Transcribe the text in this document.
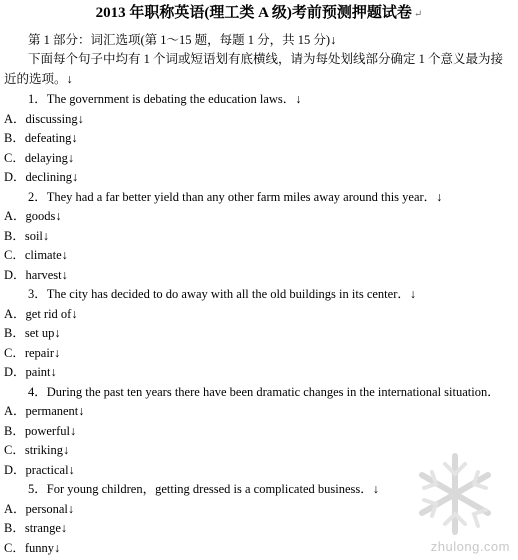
2013 年职称英语(理工类 A 级)考前预测押题试卷 ↵
第 1 部分：词汇选项(第 1～15 题，每题 1 分，共 15 分)↓
下面每个句子中均有 1 个词或短语划有底横线，请为每处划线部分确定 1 个意义最为接近的选项。↓
1．The government is debating the education laws．↓
A．discussing↓
B．defeating↓
C．delaying↓
D．declining↓
2．They had a far better yield than any other farm miles away around this year．↓
A．goods↓
B．soil↓
C．climate↓
D．harvest↓
3．The city has decided to do away with all the old buildings in its center．↓
A．get rid of↓
B．set up↓
C．repair↓
D．paint↓
4．During the past ten years there have been dramatic changes in the international situation．
A．permanent↓
B．powerful↓
C．striking↓
D．practical↓
5．For young children，getting dressed is a complicated business．↓
A．personal↓
B．strange↓
C．funny↓	zhulong.com
